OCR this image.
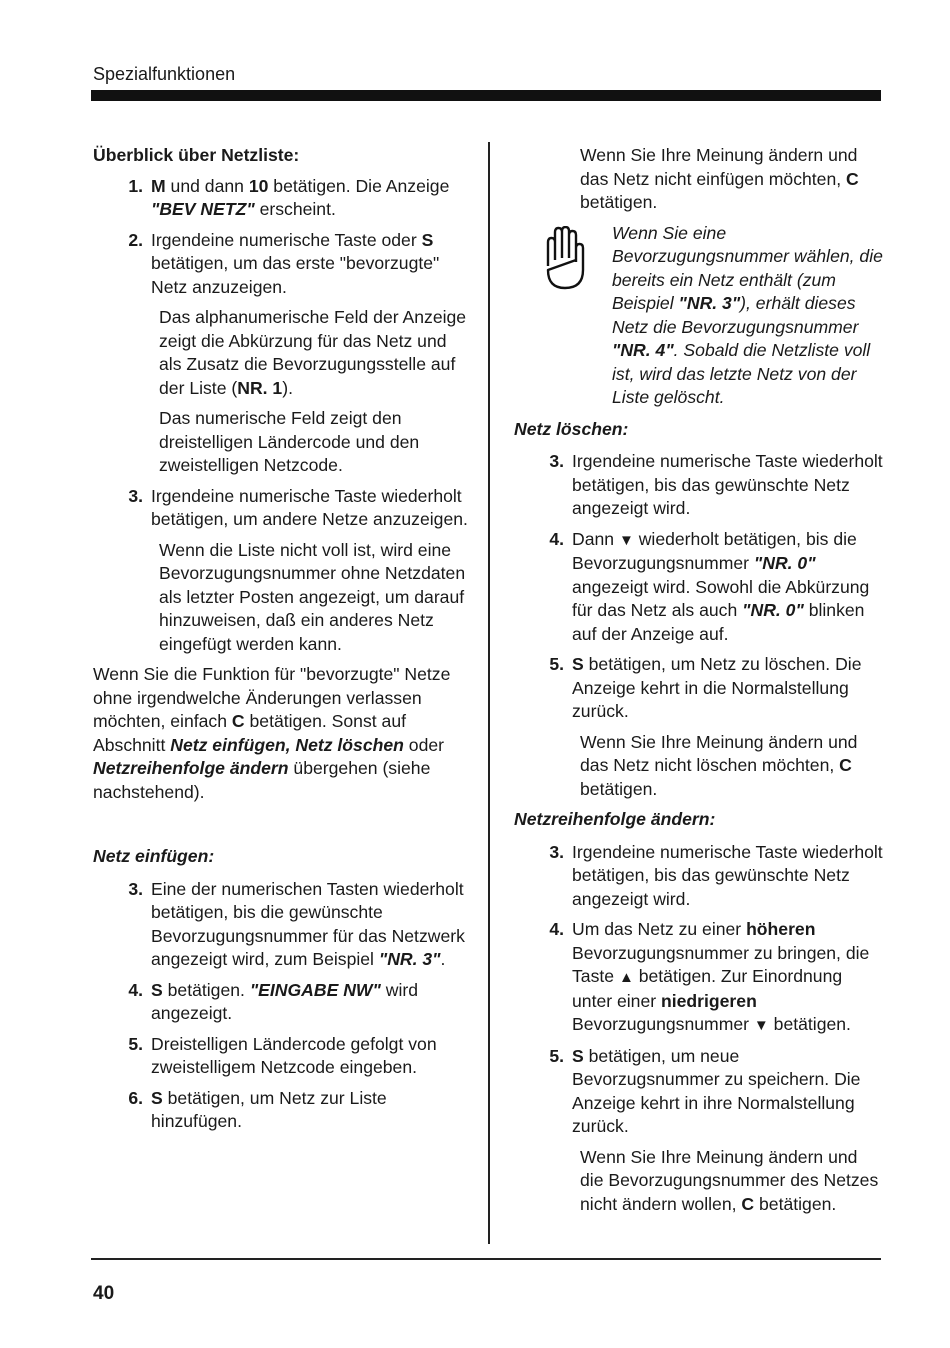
Spezialfunktionen

Überblick über Netzliste:

1. M und dann 10 betätigen. Die Anzeige "BEV NETZ" erscheint.
2. Irgendeine numerische Taste oder S betätigen, um das erste "bevorzugte" Netz anzuzeigen.

Das alphanumerische Feld der Anzeige zeigt die Abkürzung für das Netz und als Zusatz die Bevorzugungsstelle auf der Liste (NR. 1).

Das numerische Feld zeigt den dreistelligen Ländercode und den zweistelligen Netzcode.

3. Irgendeine numerische Taste wiederholt betätigen, um andere Netze anzuzeigen.

Wenn die Liste nicht voll ist, wird eine Bevorzugungsnummer ohne Netzdaten als letzter Posten angezeigt, um darauf hinzuweisen, daß ein anderes Netz eingefügt werden kann.

Wenn Sie die Funktion für "bevorzugte" Netze ohne irgendwelche Änderungen verlassen möchten, einfach C betätigen. Sonst auf Abschnitt Netz einfügen, Netz löschen oder Netzreihenfolge ändern übergehen (siehe nachstehend).

Netz einfügen:

3. Eine der numerischen Tasten wiederholt betätigen, bis die gewünschte Bevorzugungsnummer für das Netzwerk angezeigt wird, zum Beispiel "NR. 3".
4. S betätigen. "EINGABE NW" wird angezeigt.
5. Dreistelligen Ländercode gefolgt von zweistelligem Netzcode eingeben.
6. S betätigen, um Netz zur Liste hinzufügen.

Wenn Sie Ihre Meinung ändern und das Netz nicht einfügen möchten, C betätigen.

Wenn Sie eine Bevorzugungsnummer wählen, die bereits ein Netz enthält (zum Beispiel "NR. 3"), erhält dieses Netz die Bevorzugungsnummer "NR. 4". Sobald die Netzliste voll ist, wird das letzte Netz von der Liste gelöscht.

Netz löschen:

3. Irgendeine numerische Taste wiederholt betätigen, bis das gewünschte Netz angezeigt wird.
4. Dann ▼ wiederholt betätigen, bis die Bevorzugungsnummer "NR. 0" angezeigt wird. Sowohl die Abkürzung für das Netz als auch "NR. 0" blinken auf der Anzeige auf.
5. S betätigen, um Netz zu löschen. Die Anzeige kehrt in die Normalstellung zurück.

Wenn Sie Ihre Meinung ändern und das Netz nicht löschen möchten, C betätigen.

Netzreihenfolge ändern:

3. Irgendeine numerische Taste wiederholt betätigen, bis das gewünschte Netz angezeigt wird.
4. Um das Netz zu einer höheren Bevorzugungsnummer zu bringen, die Taste ▲ betätigen. Zur Einordnung unter einer niedrigeren Bevorzugungsnummer ▼ betätigen.
5. S betätigen, um neue Bevorzugsnummer zu speichern. Die Anzeige kehrt in ihre Normalstellung zurück.

Wenn Sie Ihre Meinung ändern und die Bevorzugungsnummer des Netzes nicht ändern wollen, C betätigen.

40
